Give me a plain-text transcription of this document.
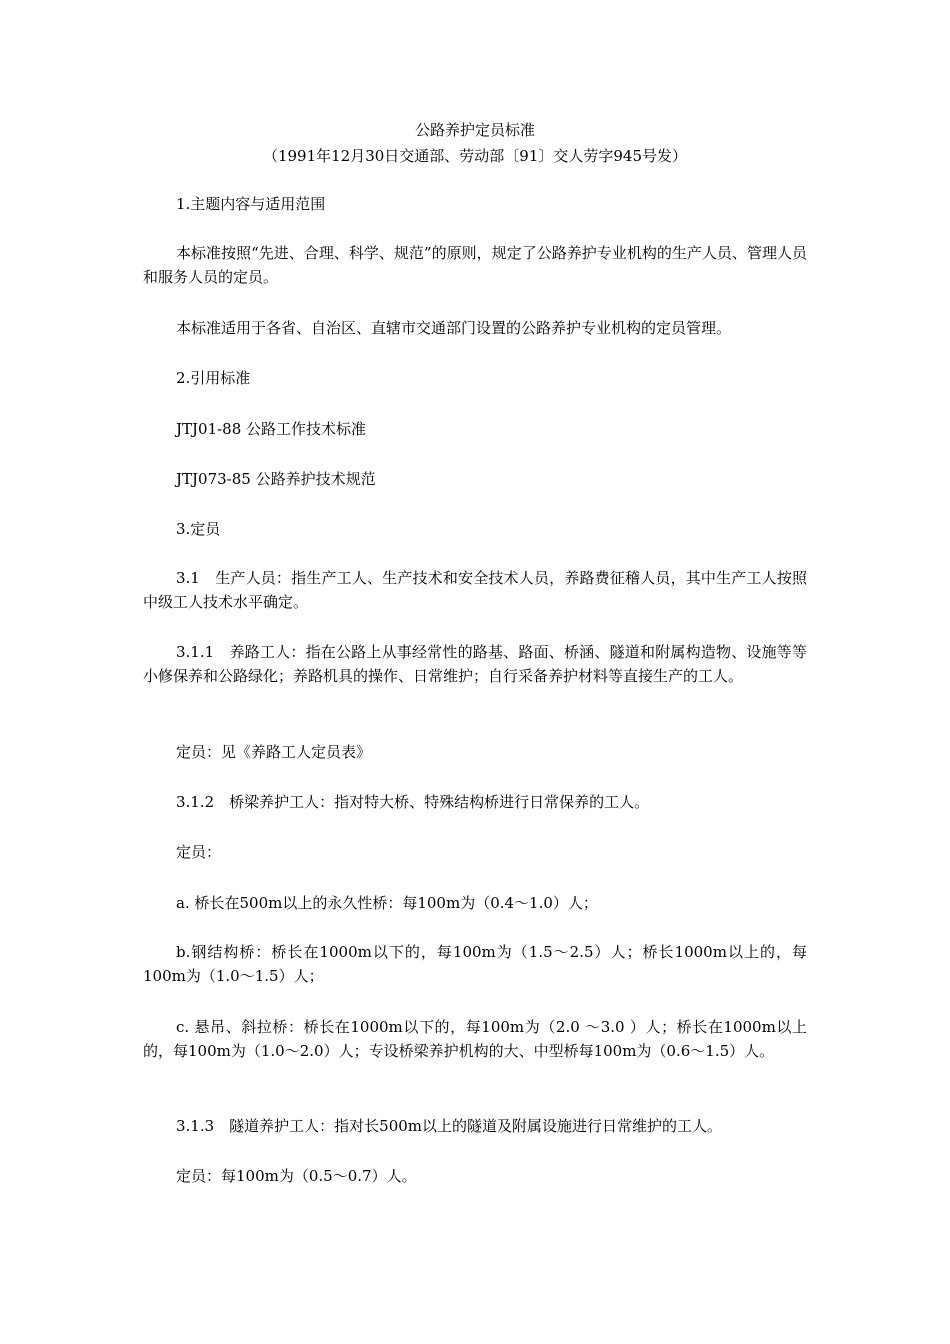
公路养护定员标准
（1991年12月30日交通部、劳动部〔91〕交人劳字945号发）

1.主题内容与适用范围

本标准按照“先进、合理、科学、规范”的原则，规定了公路养护专业机构的生产人员、管理人员和服务人员的定员。

本标准适用于各省、自治区、直辖市交通部门设置的公路养护专业机构的定员管理。

2.引用标准

JTJ01-88 公路工作技术标准

JTJ073-85 公路养护技术规范

3.定员

3.1　生产人员：指生产工人、生产技术和安全技术人员，养路费征稽人员，其中生产工人按照中级工人技术水平确定。

3.1.1　养路工人：指在公路上从事经常性的路基、路面、桥涵、隧道和附属构造物、设施等等小修保养和公路绿化；养路机具的操作、日常维护；自行采备养护材料等直接生产的工人。

定员：见《养路工人定员表》

3.1.2　桥梁养护工人：指对特大桥、特殊结构桥进行日常保养的工人。

定员：

a. 桥长在500m以上的永久性桥：每100m为（0.4～1.0）人；

b.钢结构桥：桥长在1000m以下的，每100m为（1.5～2.5）人；桥长1000m以上的，每100m为（1.0～1.5）人；

c. 悬吊、斜拉桥：桥长在1000m以下的，每100m为（2.0 ～3.0 ）人；桥长在1000m以上的，每100m为（1.0～2.0）人；专设桥梁养护机构的大、中型桥每100m为（0.6～1.5）人。

3.1.3　隧道养护工人：指对长500m以上的隧道及附属设施进行日常维护的工人。

定员：每100m为（0.5～0.7）人。
